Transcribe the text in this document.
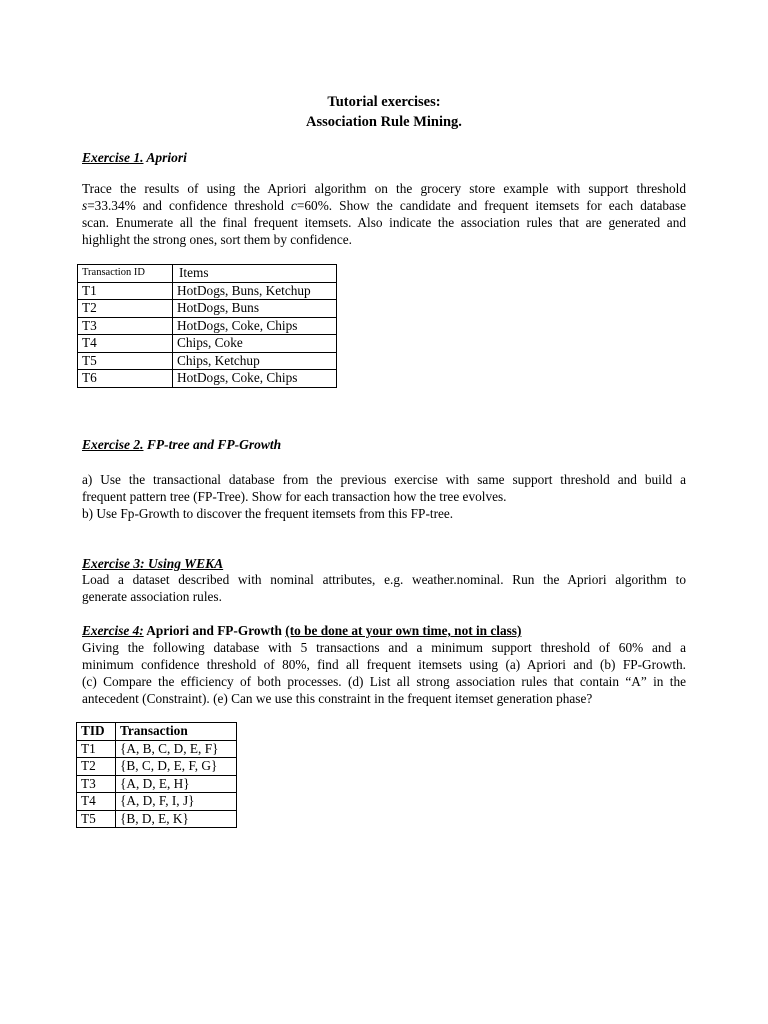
Tutorial exercises:
Association Rule Mining.
Exercise 1. Apriori
Trace the results of using the Apriori algorithm on the grocery store example with support threshold
s=33.34% and confidence threshold c=60%. Show the candidate and frequent itemsets for each database
scan. Enumerate all the final frequent itemsets. Also indicate the association rules that are generated and
highlight the strong ones, sort them by confidence.
Transaction ID	Items
T1	HotDogs, Buns, Ketchup
T2	HotDogs, Buns
T3	HotDogs, Coke, Chips
T4	Chips, Coke
T5	Chips, Ketchup
T6	HotDogs, Coke, Chips
Exercise 2. FP-tree and FP-Growth
a) Use the transactional database from the previous exercise with same support threshold and build a
frequent pattern tree (FP-Tree). Show for each transaction how the tree evolves.
b) Use Fp-Growth to discover the frequent itemsets from this FP-tree.
Exercise 3: Using WEKA
Load a dataset described with nominal attributes, e.g. weather.nominal. Run the Apriori algorithm to
generate association rules.
Exercise 4: Apriori and FP-Growth (to be done at your own time, not in class)
Giving the following database with 5 transactions and a minimum support threshold of 60% and a
minimum confidence threshold of 80%, find all frequent itemsets using (a) Apriori and (b) FP-Growth.
(c) Compare the efficiency of both processes. (d) List all strong association rules that contain “A” in the
antecedent (Constraint). (e) Can we use this constraint in the frequent itemset generation phase?
TID	Transaction
T1	{A, B, C, D, E, F}
T2	{B, C, D, E, F, G}
T3	{A, D, E, H}
T4	{A, D, F, I, J}
T5	{B, D, E, K}
